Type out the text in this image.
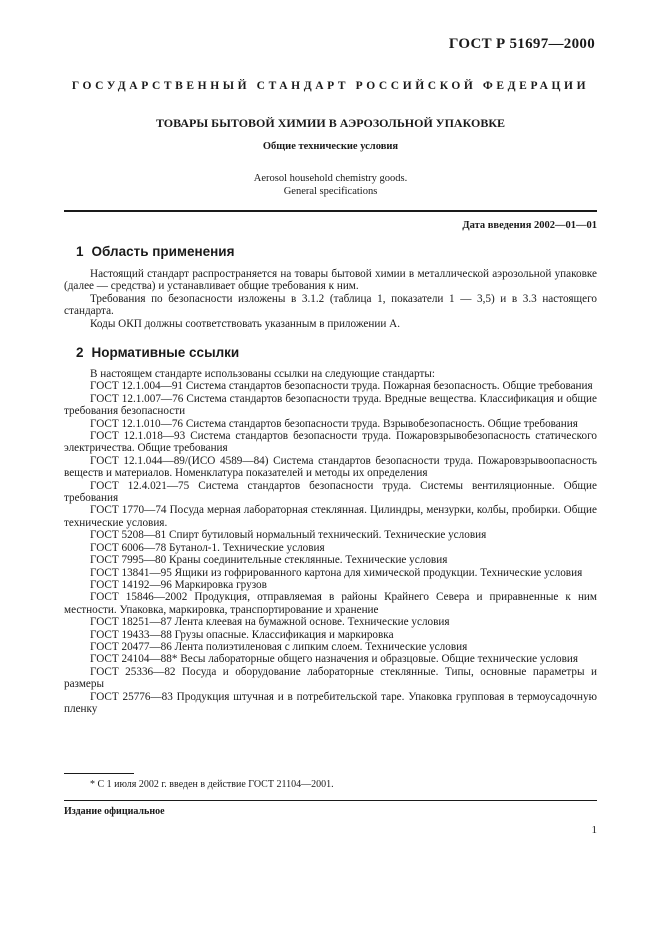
ГОСТ Р 51697—2000
ГОСУДАРСТВЕННЫЙ СТАНДАРТ РОССИЙСКОЙ ФЕДЕРАЦИИ
ТОВАРЫ БЫТОВОЙ ХИМИИ В АЭРОЗОЛЬНОЙ УПАКОВКЕ
Общие технические условия
Aerosol household chemistry goods.
General specifications
Дата введения 2002—01—01
1 Область применения
Настоящий стандарт распространяется на товары бытовой химии в металлической аэрозольной упаковке (далее — средства) и устанавливает общие требования к ним.
Требования по безопасности изложены в 3.1.2 (таблица 1, показатели 1 — 3,5) и в 3.3 настоящего стандарта.
Коды ОКП должны соответствовать указанным в приложении А.
2 Нормативные ссылки
В настоящем стандарте использованы ссылки на следующие стандарты:
ГОСТ 12.1.004—91 Система стандартов безопасности труда. Пожарная безопасность. Общие требования
ГОСТ 12.1.007—76 Система стандартов безопасности труда. Вредные вещества. Классификация и общие требования безопасности
ГОСТ 12.1.010—76 Система стандартов безопасности труда. Взрывобезопасность. Общие требования
ГОСТ 12.1.018—93 Система стандартов безопасности труда. Пожаровзрывобезопасность статического электричества. Общие требования
ГОСТ 12.1.044—89/(ИСО 4589—84) Система стандартов безопасности труда. Пожаровзрывоопасность веществ и материалов. Номенклатура показателей и методы их определения
ГОСТ 12.4.021—75 Система стандартов безопасности труда. Системы вентиляционные. Общие требования
ГОСТ 1770—74 Посуда мерная лабораторная стеклянная. Цилиндры, мензурки, колбы, пробирки. Общие технические условия.
ГОСТ 5208—81 Спирт бутиловый нормальный технический. Технические условия
ГОСТ 6006—78 Бутанол-1. Технические условия
ГОСТ 7995—80 Краны соединительные стеклянные. Технические условия
ГОСТ 13841—95 Ящики из гофрированного картона для химической продукции. Технические условия
ГОСТ 14192—96 Маркировка грузов
ГОСТ 15846—2002 Продукция, отправляемая в районы Крайнего Севера и приравненные к ним местности. Упаковка, маркировка, транспортирование и хранение
ГОСТ 18251—87 Лента клеевая на бумажной основе. Технические условия
ГОСТ 19433—88 Грузы опасные. Классификация и маркировка
ГОСТ 20477—86 Лента полиэтиленовая с липким слоем. Технические условия
ГОСТ 24104—88* Весы лабораторные общего назначения и образцовые. Общие технические условия
ГОСТ 25336—82 Посуда и оборудование лабораторные стеклянные. Типы, основные параметры и размеры
ГОСТ 25776—83 Продукция штучная и в потребительской таре. Упаковка групповая в термоусадочную пленку
* С 1 июля 2002 г. введен в действие ГОСТ 21104—2001.
Издание официальное
1
